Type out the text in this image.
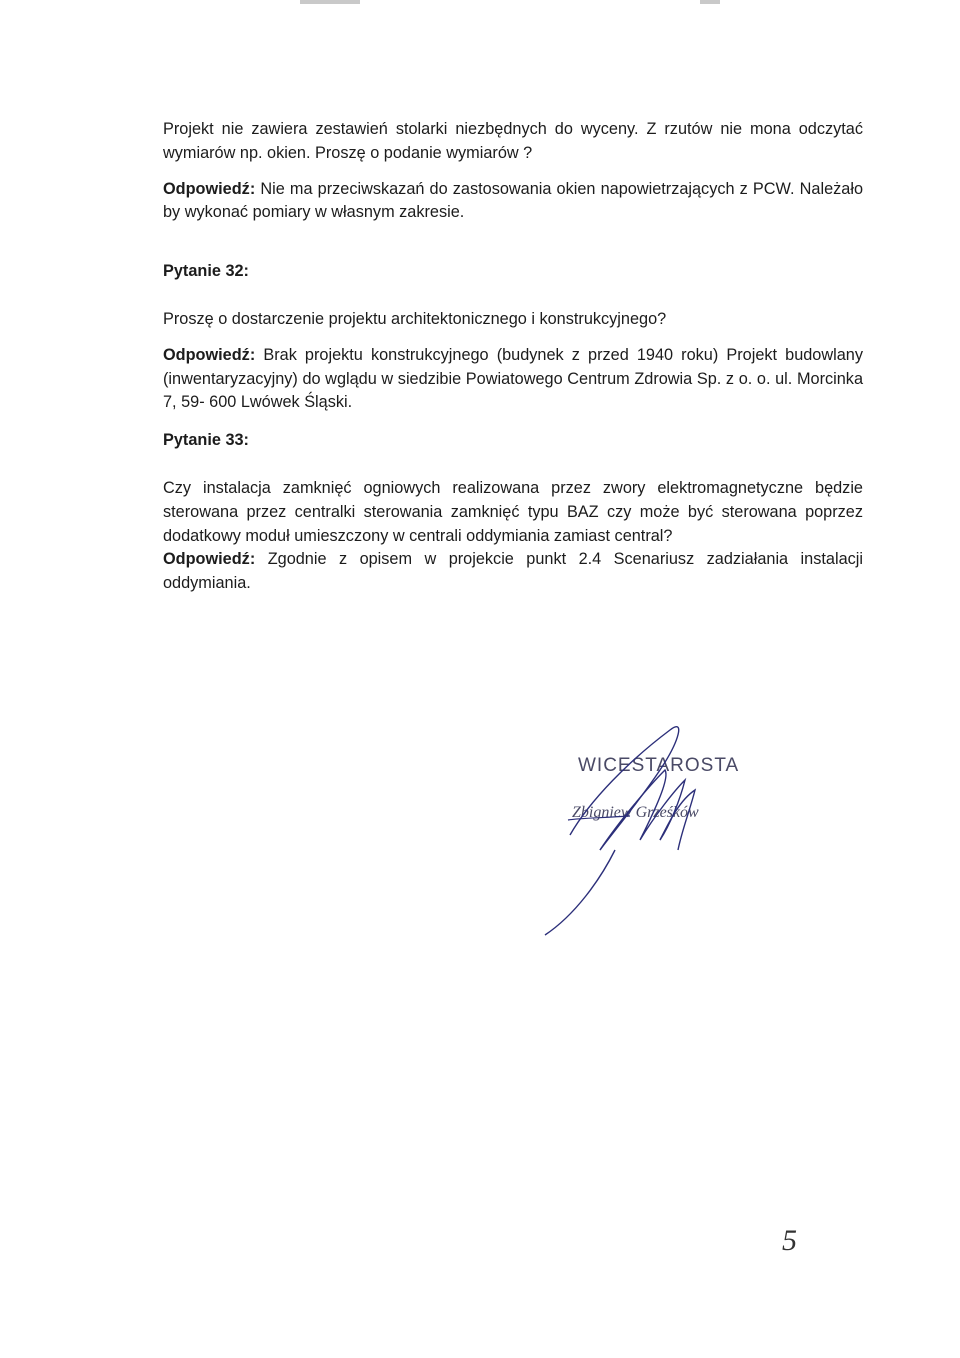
Projekt nie zawiera zestawień stolarki niezbędnych do wyceny. Z rzutów nie mona odczytać wymiarów np. okien. Proszę o podanie wymiarów ?

Odpowiedź: Nie ma przeciwskazań do zastosowania okien napowietrzających z PCW. Należało by wykonać pomiary w własnym zakresie.

Pytanie 32:

Proszę o dostarczenie projektu architektonicznego i konstrukcyjnego?

Odpowiedź: Brak projektu konstrukcyjnego (budynek z przed 1940 roku) Projekt budowlany (inwentaryzacyjny) do wglądu w siedzibie Powiatowego Centrum Zdrowia Sp. z o. o. ul. Morcinka 7, 59- 600 Lwówek Śląski.

Pytanie 33:

Czy instalacja zamknięć ogniowych realizowana przez zwory elektromagnetyczne będzie sterowana przez centralki sterowania zamknięć typu BAZ czy może być sterowana poprzez dodatkowy moduł umieszczony w centrali oddymiania zamiast central?

Odpowiedź: Zgodnie z opisem w projekcie punkt 2.4 Scenariusz zadziałania instalacji oddymiania.

WICESTAROSTA
Zbigniew Grześków
5
